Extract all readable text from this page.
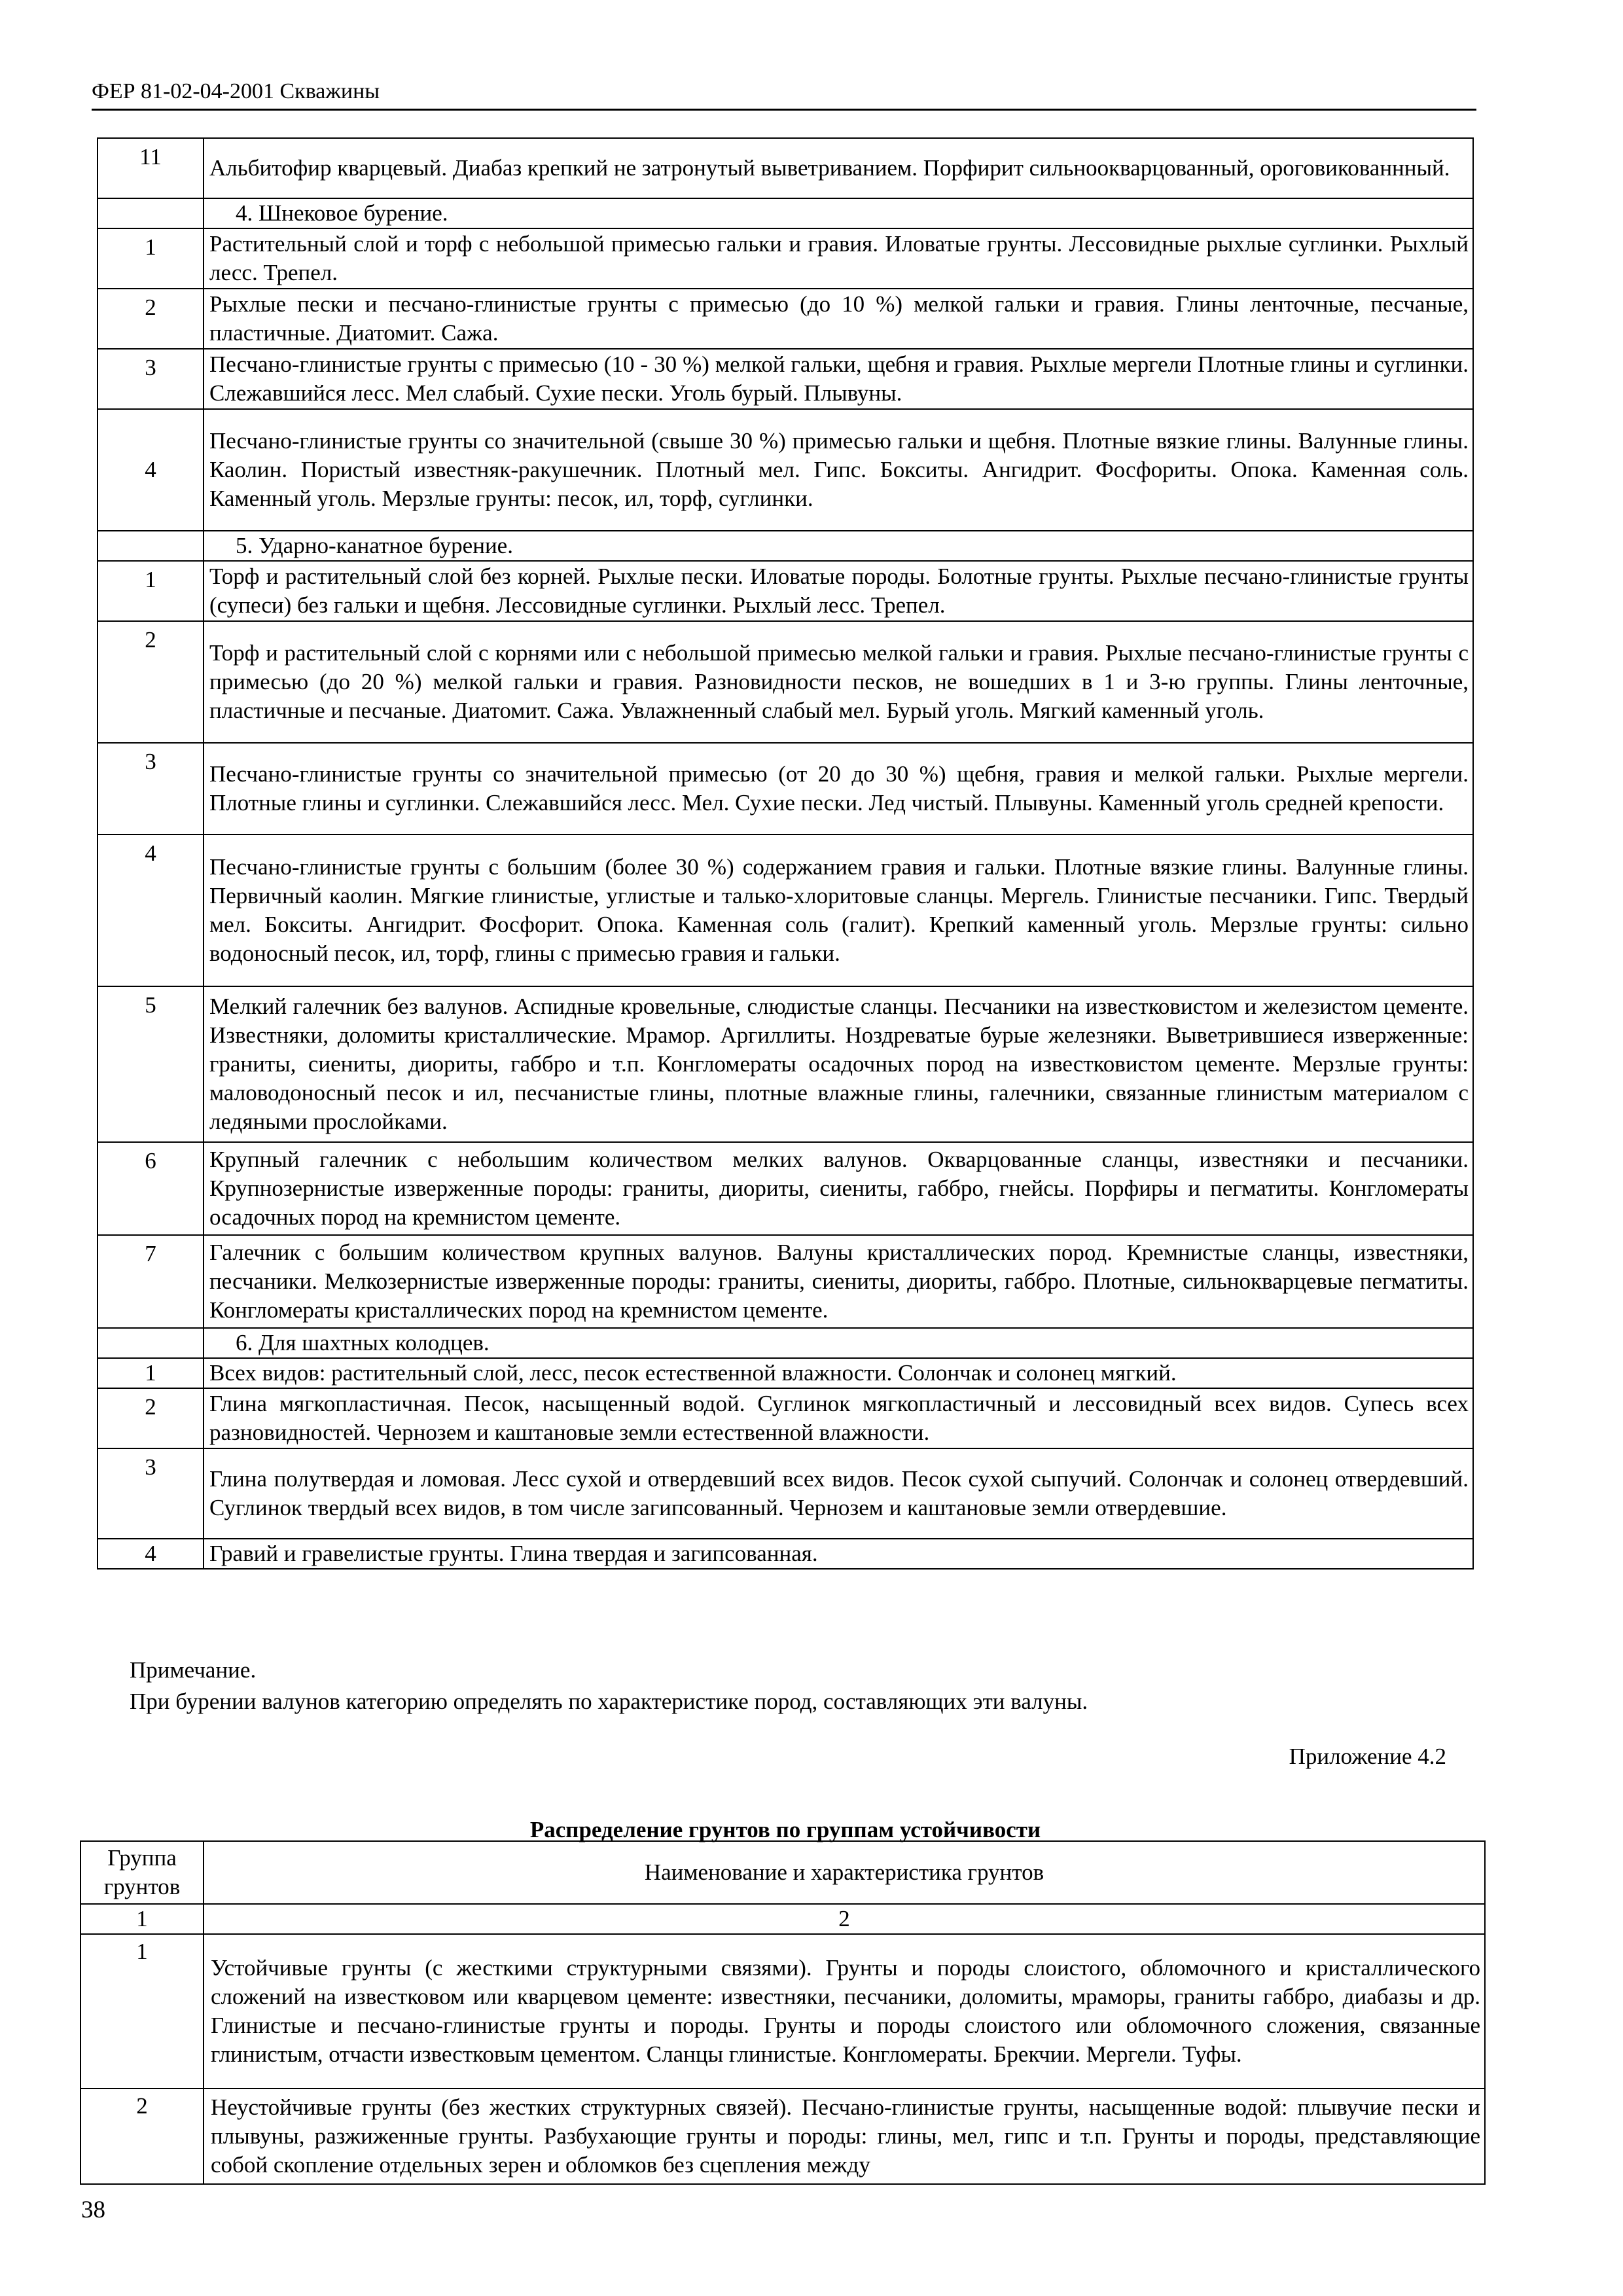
ФЕР 81-02-04-2001 Скважины
11	Альбитофир кварцевый. Диабаз крепкий не затронутый выветриванием. Порфирит сильноокварцованный, ороговикованнный.
	4. Шнековое бурение.
1	Растительный слой и торф с небольшой примесью гальки и гравия. Иловатые грунты. Лессовидные рыхлые суглинки. Рыхлый лесс. Трепел.
2	Рыхлые пески и песчано-глинистые грунты с примесью (до 10 %) мелкой гальки и гравия. Глины ленточные, песчаные, пластичные. Диатомит. Сажа.
3	Песчано-глинистые грунты с примесью (10 - 30 %) мелкой гальки, щебня и гравия. Рыхлые мергели Плотные глины и суглинки. Слежавшийся лесс. Мел слабый. Сухие пески. Уголь бурый. Плывуны.
4	Песчано-глинистые грунты со значительной (свыше 30 %) примесью гальки и щебня. Плотные вязкие глины. Валунные глины. Каолин. Пористый известняк-ракушечник. Плотный мел. Гипс. Бокситы. Ангидрит. Фосфориты. Опока. Каменная соль. Каменный уголь. Мерзлые грунты: песок, ил, торф, суглинки.
	5. Ударно-канатное бурение.
1	Торф и растительный слой без корней. Рыхлые пески. Иловатые породы. Болотные грунты. Рыхлые песчано-глинистые грунты (супеси) без гальки и щебня. Лессовидные суглинки. Рыхлый лесс. Трепел.
2	Торф и растительный слой с корнями или с небольшой примесью мелкой гальки и гравия. Рыхлые песчано-глинистые грунты с примесью (до 20 %) мелкой гальки и гравия. Разновидности песков, не вошедших в 1 и 3-ю группы. Глины ленточные, пластичные и песчаные. Диатомит. Сажа. Увлажненный слабый мел. Бурый уголь. Мягкий каменный уголь.
3	Песчано-глинистые грунты со значительной примесью (от 20 до 30 %) щебня, гравия и мелкой гальки. Рыхлые мергели. Плотные глины и суглинки. Слежавшийся лесс. Мел. Сухие пески. Лед чистый. Плывуны. Каменный уголь средней крепости.
4	Песчано-глинистые грунты с большим (более 30 %) содержанием гравия и гальки. Плотные вязкие глины. Валунные глины. Первичный каолин. Мягкие глинистые, углистые и талько-хлоритовые сланцы. Мергель. Глинистые песчаники. Гипс. Твердый мел. Бокситы. Ангидрит. Фосфорит. Опока. Каменная соль (галит). Крепкий каменный уголь. Мерзлые грунты: сильно водоносный песок, ил, торф, глины с примесью гравия и гальки.
5	Мелкий галечник без валунов. Аспидные кровельные, слюдистые сланцы. Песчаники на известковистом и железистом цементе. Известняки, доломиты кристаллические. Мрамор. Аргиллиты. Ноздреватые бурые железняки. Выветрившиеся изверженные: граниты, сиениты, диориты, габбро и т.п. Конгломераты осадочных пород на известковистом цементе. Мерзлые грунты: маловодоносный песок и ил, песчанистые глины, плотные влажные глины, галечники, связанные глинистым материалом с ледяными прослойками.
6	Крупный галечник с небольшим количеством мелких валунов. Окварцованные сланцы, известняки и песчаники. Крупнозернистые изверженные породы: граниты, диориты, сиениты, габбро, гнейсы. Порфиры и пегматиты. Конгломераты осадочных пород на кремнистом цементе.
7	Галечник с большим количеством крупных валунов. Валуны кристаллических пород. Кремнистые сланцы, известняки, песчаники. Мелкозернистые изверженные породы: граниты, сиениты, диориты, габбро. Плотные, сильнокварцевые пегматиты. Конгломераты кристаллических пород на кремнистом цементе.
	6. Для шахтных колодцев.
1	Всех видов: растительный слой, лесс, песок естественной влажности. Солончак и солонец мягкий.
2	Глина мягкопластичная. Песок, насыщенный водой. Суглинок мягкопластичный и лессовидный всех видов. Супесь всех разновидностей. Чернозем и каштановые земли естественной влажности.
3	Глина полутвердая и ломовая. Лесс сухой и отвердевший всех видов. Песок сухой сыпучий. Солончак и солонец отвердевший. Суглинок твердый всех видов, в том числе загипсованный. Чернозем и каштановые земли отвердевшие.
4	Гравий и гравелистые грунты. Глина твердая и загипсованная.
Примечание.
При бурении валунов категорию определять по характеристике пород, составляющих эти валуны.
Приложение 4.2
Распределение грунтов по группам устойчивости
Группа грунтов	Наименование и характеристика грунтов
1	2
1	Устойчивые грунты (с жесткими структурными связями). Грунты и породы слоистого, обломочного и кристаллического сложений на известковом или кварцевом цементе: известняки, песчаники, доломиты, мраморы, граниты габбро, диабазы и др. Глинистые и песчано-глинистые грунты и породы. Грунты и породы слоистого или обломочного сложения, связанные глинистым, отчасти известковым цементом. Сланцы глинистые. Конгломераты. Брекчии. Мергели. Туфы.
2	Неустойчивые грунты (без жестких структурных связей). Песчано-глинистые грунты, насыщенные водой: плывучие пески и плывуны, разжиженные грунты. Разбухающие грунты и породы: глины, мел, гипс и т.п. Грунты и породы, представляющие собой скопление отдельных зерен и обломков без сцепления между
38
